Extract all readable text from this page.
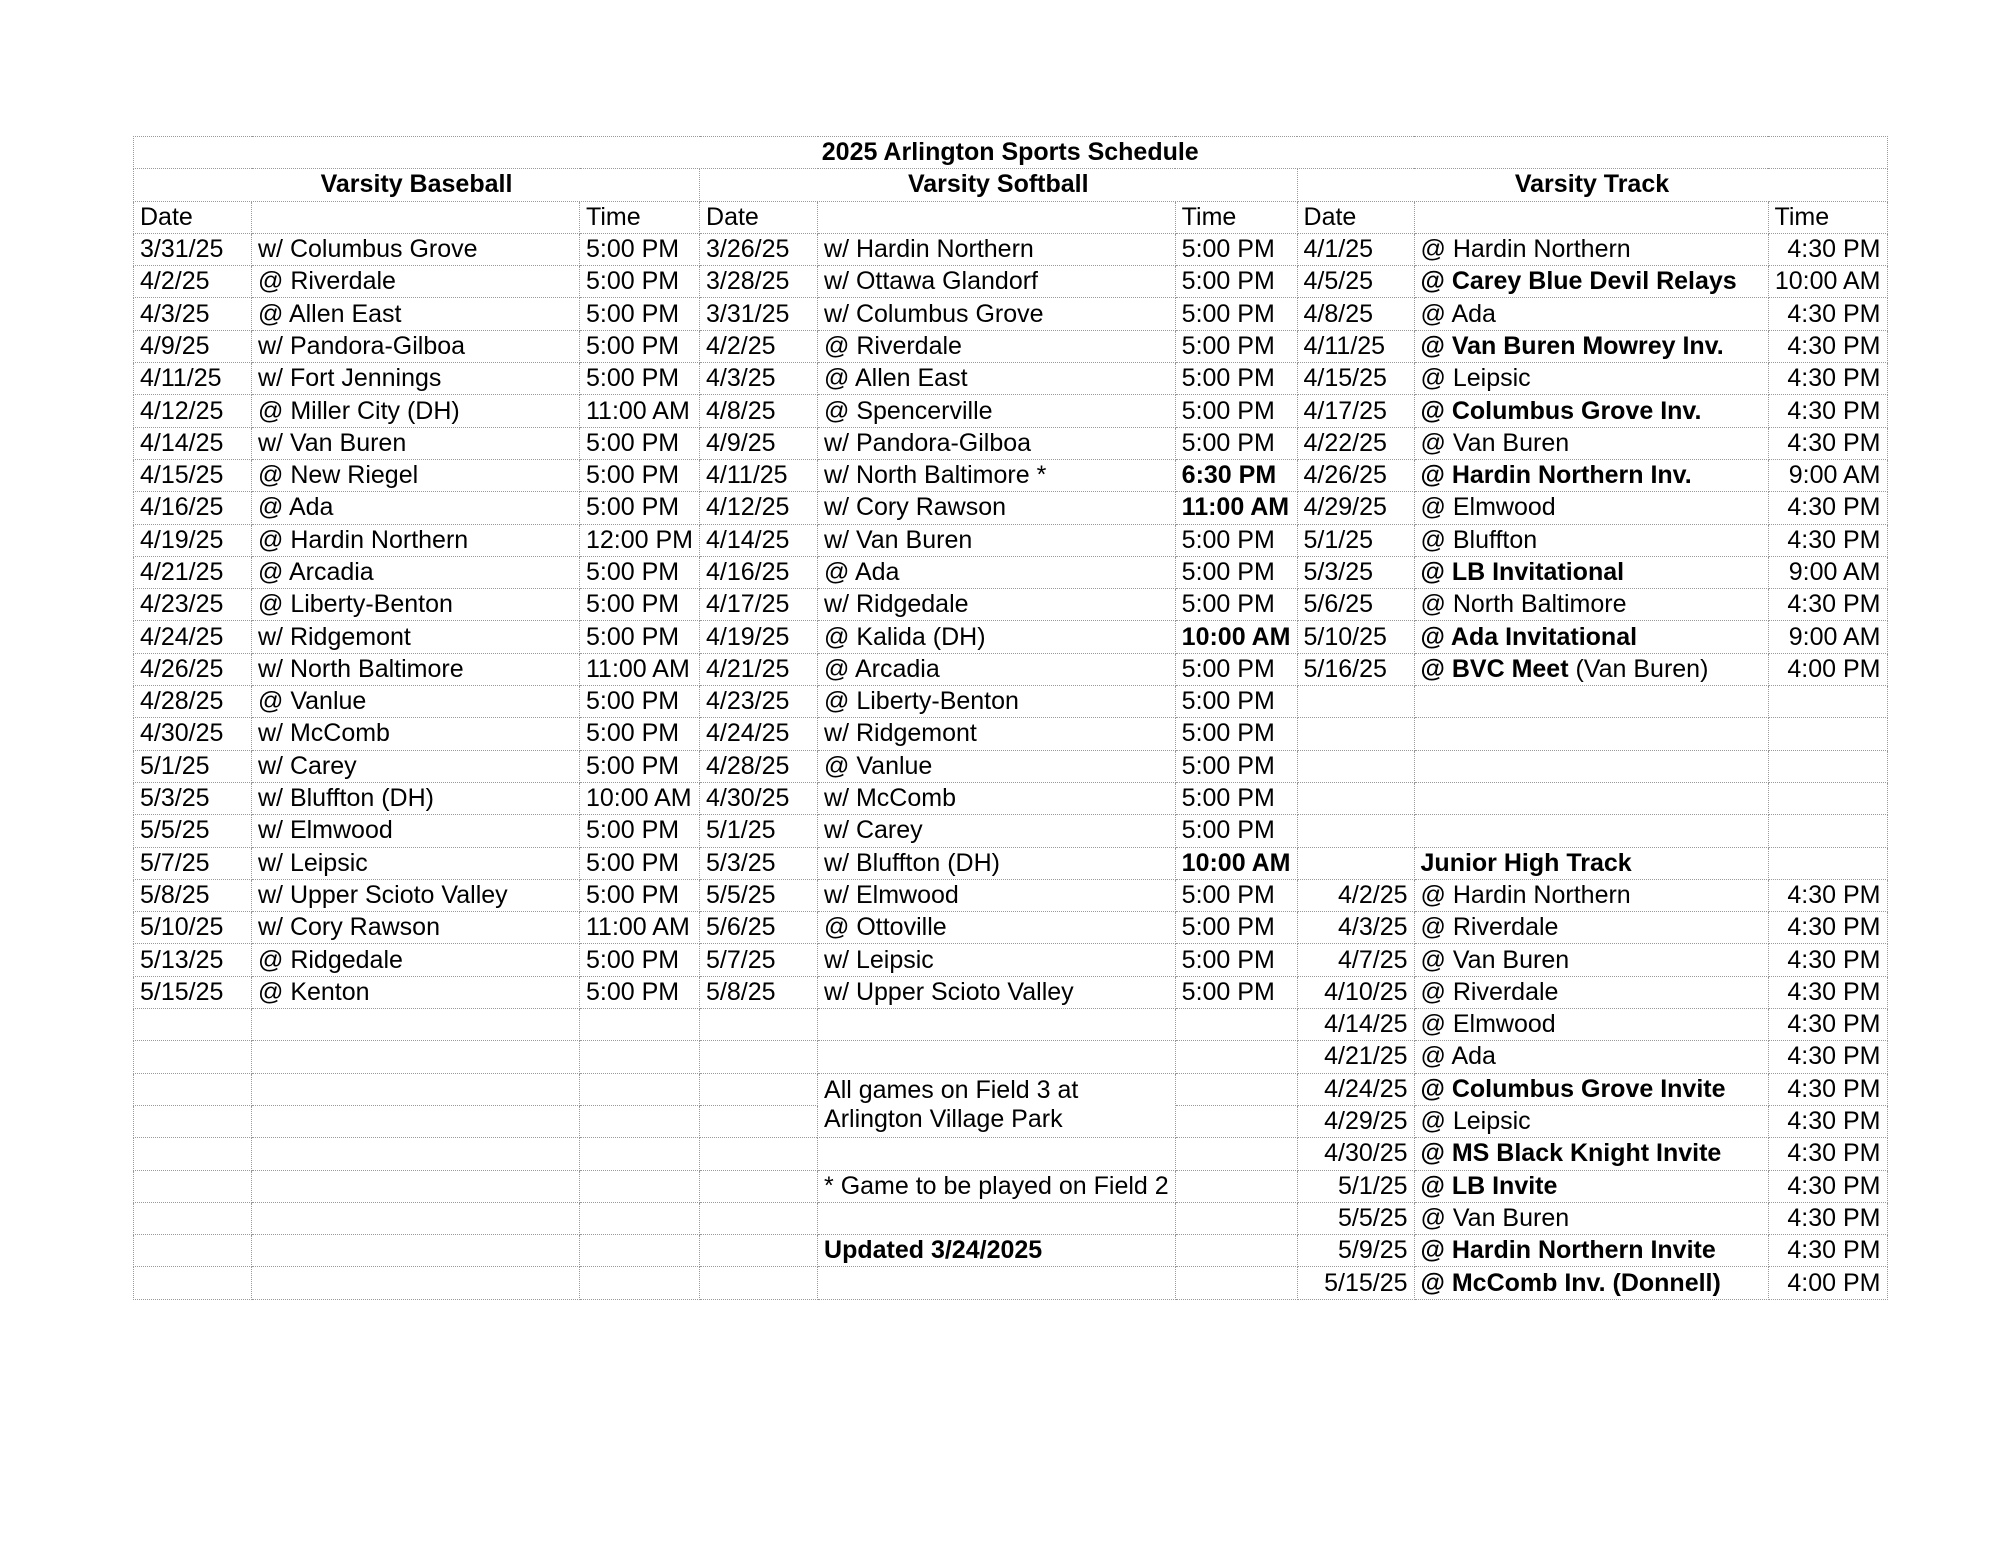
2025 Arlington Sports Schedule								
Varsity Baseball			Varsity Softball			Varsity Track		
Date		Time	Date		Time	Date		Time
3/31/25	w/ Columbus Grove	5:00 PM	3/26/25	w/ Hardin Northern	5:00 PM	4/1/25	@ Hardin Northern	4:30 PM
4/2/25	@ Riverdale	5:00 PM	3/28/25	w/ Ottawa Glandorf	5:00 PM	4/5/25	@ Carey Blue Devil Relays	10:00 AM
4/3/25	@ Allen East	5:00 PM	3/31/25	w/ Columbus Grove	5:00 PM	4/8/25	@ Ada	4:30 PM
4/9/25	w/ Pandora-Gilboa	5:00 PM	4/2/25	@ Riverdale	5:00 PM	4/11/25	@ Van Buren Mowrey Inv.	4:30 PM
4/11/25	w/ Fort Jennings	5:00 PM	4/3/25	@ Allen East	5:00 PM	4/15/25	@ Leipsic	4:30 PM
4/12/25	@ Miller City (DH)	11:00 AM	4/8/25	@ Spencerville	5:00 PM	4/17/25	@ Columbus Grove Inv.	4:30 PM
4/14/25	w/ Van Buren	5:00 PM	4/9/25	w/ Pandora-Gilboa	5:00 PM	4/22/25	@ Van Buren	4:30 PM
4/15/25	@ New Riegel	5:00 PM	4/11/25	w/ North Baltimore *	6:30 PM	4/26/25	@ Hardin Northern Inv.	9:00 AM
4/16/25	@ Ada	5:00 PM	4/12/25	w/ Cory Rawson	11:00 AM	4/29/25	@ Elmwood	4:30 PM
4/19/25	@ Hardin Northern	12:00 PM	4/14/25	w/ Van Buren	5:00 PM	5/1/25	@ Bluffton	4:30 PM
4/21/25	@ Arcadia	5:00 PM	4/16/25	@ Ada	5:00 PM	5/3/25	@ LB Invitational	9:00 AM
4/23/25	@ Liberty-Benton	5:00 PM	4/17/25	w/ Ridgedale	5:00 PM	5/6/25	@ North Baltimore	4:30 PM
4/24/25	w/ Ridgemont	5:00 PM	4/19/25	@ Kalida (DH)	10:00 AM	5/10/25	@ Ada Invitational	9:00 AM
4/26/25	w/ North Baltimore	11:00 AM	4/21/25	@ Arcadia	5:00 PM	5/16/25	@ BVC Meet (Van Buren)	4:00 PM
4/28/25	@ Vanlue	5:00 PM	4/23/25	@ Liberty-Benton	5:00 PM			
4/30/25	w/ McComb	5:00 PM	4/24/25	w/ Ridgemont	5:00 PM			
5/1/25	w/ Carey	5:00 PM	4/28/25	@ Vanlue	5:00 PM			
5/3/25	w/ Bluffton (DH)	10:00 AM	4/30/25	w/ McComb	5:00 PM			
5/5/25	w/ Elmwood	5:00 PM	5/1/25	w/ Carey	5:00 PM			
5/7/25	w/ Leipsic	5:00 PM	5/3/25	w/ Bluffton (DH)	10:00 AM		Junior High Track	
5/8/25	w/ Upper Scioto Valley	5:00 PM	5/5/25	w/ Elmwood	5:00 PM	4/2/25	@ Hardin Northern	4:30 PM
5/10/25	w/ Cory Rawson	11:00 AM	5/6/25	@ Ottoville	5:00 PM	4/3/25	@ Riverdale	4:30 PM
5/13/25	@ Ridgedale	5:00 PM	5/7/25	w/ Leipsic	5:00 PM	4/7/25	@ Van Buren	4:30 PM
5/15/25	@ Kenton	5:00 PM	5/8/25	w/ Upper Scioto Valley	5:00 PM	4/10/25	@ Riverdale	4:30 PM
						4/14/25	@ Elmwood	4:30 PM
						4/21/25	@ Ada	4:30 PM
				All games on Field 3 at Arlington Village Park		4/24/25	@ Columbus Grove Invite	4:30 PM
						4/29/25	@ Leipsic	4:30 PM
						4/30/25	@ MS Black Knight Invite	4:30 PM
				* Game to be played on Field 2		5/1/25	@ LB Invite	4:30 PM
						5/5/25	@ Van Buren	4:30 PM
				Updated 3/24/2025		5/9/25	@ Hardin Northern Invite	4:30 PM
						5/15/25	@ McComb Inv. (Donnell)	4:00 PM
